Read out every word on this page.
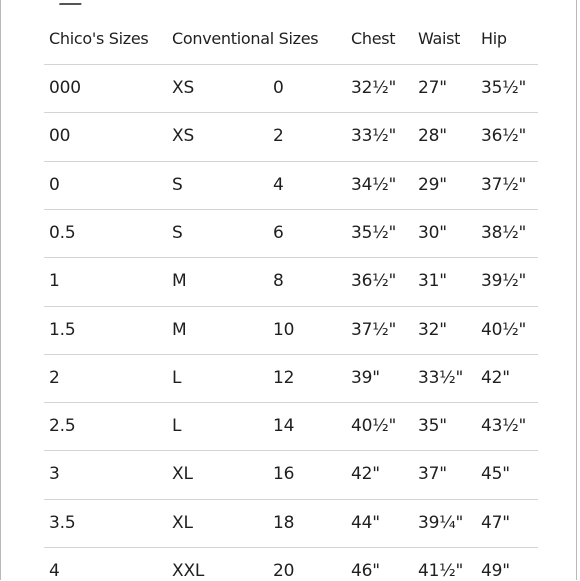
Chico's Sizes Conventional Sizes Chest Waist Hip
000	XS	0	32½" 27" 35½"
00	XS	2	33½" 28" 36½"
0	S	4	34½" 29" 37½"
0.5	S	6	35½" 30" 38½"
1	M	8	36½" 31" 39½"
1.5	M	10	37½" 32" 40½"
2	L	12	39" 33½" 42"
2.5	L	14	40½" 35" 43½"
3	XL	16	42" 37" 45"
3.5	XL	18	44" 39¼" 47"
4	XXL	20	46" 41½" 49"
